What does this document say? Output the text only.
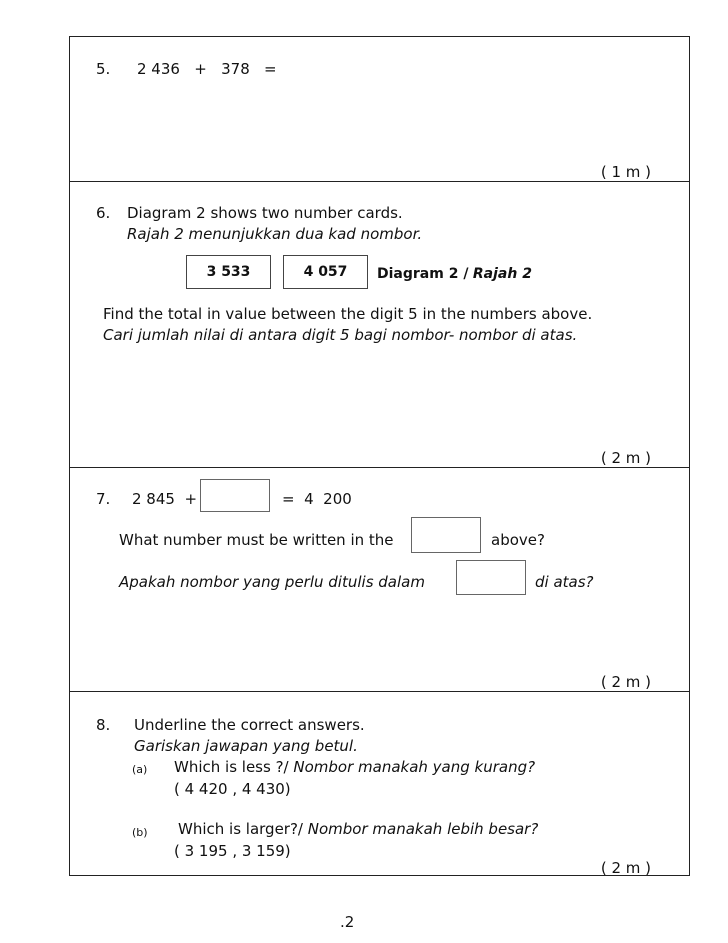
5. 2 436   +   378   =
( 1 m )
6. Diagram 2 shows two number cards.
Rajah 2 menunjukkan dua kad nombor.
3 533	4 057	Diagram 2 / Rajah 2
Find the total in value between the digit 5 in the numbers above.
Cari jumlah nilai di antara digit 5 bagi nombor- nombor di atas.
( 2 m )
7. 2 845  +	=  4  200
What number must be written in the	above?
Apakah nombor yang perlu ditulis dalam	di atas?
( 2 m )
8. Underline the correct answers.
Gariskan jawapan yang betul.
(a) Which is less ?/ Nombor manakah yang kurang?
( 4 420 , 4 430)
(b) Which is larger?/ Nombor manakah lebih besar?
( 3 195 , 3 159)
( 2 m )
.2
